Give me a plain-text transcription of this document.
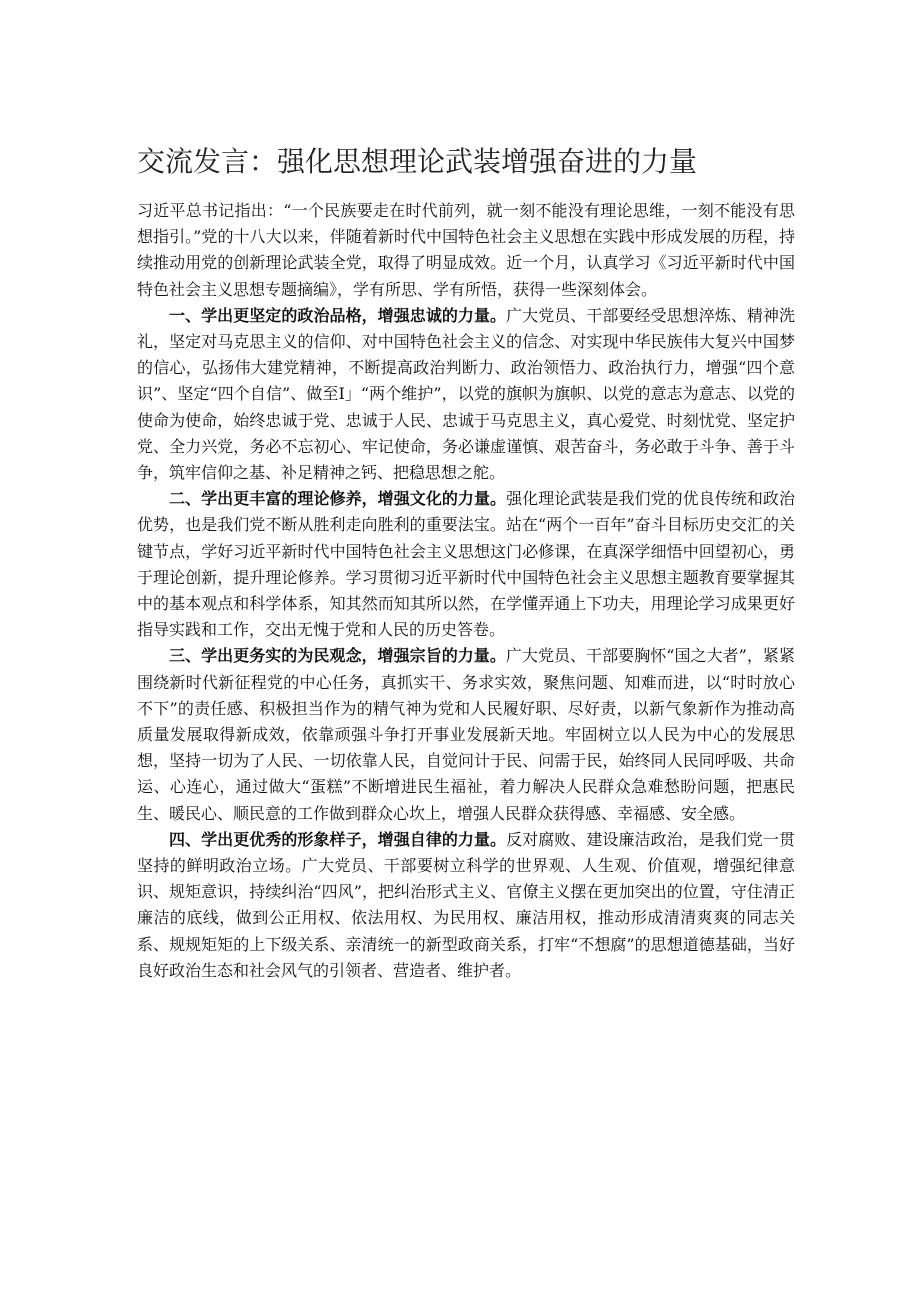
交流发言：强化思想理论武装增强奋进的力量

习近平总书记指出：“一个民族要走在时代前列，就一刻不能没有理论思维，一刻不能没有思想指引。”党的十八大以来，伴随着新时代中国特色社会主义思想在实践中形成发展的历程，持续推动用党的创新理论武装全党，取得了明显成效。近一个月，认真学习《习近平新时代中国特色社会主义思想专题摘编》，学有所思、学有所悟，获得一些深刻体会。

一、学出更坚定的政治品格，增强忠诚的力量。广大党员、干部要经受思想淬炼、精神洗礼，坚定对马克思主义的信仰、对中国特色社会主义的信念、对实现中华民族伟大复兴中国梦的信心，弘扬伟大建党精神，不断提高政治判断力、政治领悟力、政治执行力，增强“四个意识”、坚定“四个自信”、做至Ⅰ」“两个维护”，以党的旗帜为旗帜、以党的意志为意志、以党的使命为使命，始终忠诚于党、忠诚于人民、忠诚于马克思主义，真心爱党、时刻忧党、坚定护党、全力兴党，务必不忘初心、牢记使命，务必谦虚谨慎、艰苦奋斗，务必敢于斗争、善于斗争，筑牢信仰之基、补足精神之钙、把稳思想之舵。

二、学出更丰富的理论修养，增强文化的力量。强化理论武装是我们党的优良传统和政治优势，也是我们党不断从胜利走向胜利的重要法宝。站在“两个一百年”奋斗目标历史交汇的关键节点，学好习近平新时代中国特色社会主义思想这门必修课，在真深学细悟中回望初心，勇于理论创新，提升理论修养。学习贯彻习近平新时代中国特色社会主义思想主题教育要掌握其中的基本观点和科学体系，知其然而知其所以然，在学懂弄通上下功夫，用理论学习成果更好指导实践和工作，交出无愧于党和人民的历史答卷。

三、学出更务实的为民观念，增强宗旨的力量。广大党员、干部要胸怀“国之大者”，紧紧围绕新时代新征程党的中心任务，真抓实干、务求实效，聚焦问题、知难而进，以“时时放心不下”的责任感、积极担当作为的精气神为党和人民履好职、尽好责，以新气象新作为推动高质量发展取得新成效，依靠顽强斗争打开事业发展新天地。牢固树立以人民为中心的发展思想，坚持一切为了人民、一切依靠人民，自觉问计于民、问需于民，始终同人民同呼吸、共命运、心连心，通过做大“蛋糕”不断增进民生福祉，着力解决人民群众急难愁盼问题，把惠民生、暖民心、顺民意的工作做到群众心坎上，增强人民群众获得感、幸福感、安全感。

四、学出更优秀的形象样子，增强自律的力量。反对腐败、建设廉洁政治，是我们党一贯坚持的鲜明政治立场。广大党员、干部要树立科学的世界观、人生观、价值观，增强纪律意识、规矩意识，持续纠治“四风”，把纠治形式主义、官僚主义摆在更加突出的位置，守住清正廉洁的底线，做到公正用权、依法用权、为民用权、廉洁用权，推动形成清清爽爽的同志关系、规规矩矩的上下级关系、亲清统一的新型政商关系，打牢“不想腐”的思想道德基础，当好良好政治生态和社会风气的引领者、营造者、维护者。
